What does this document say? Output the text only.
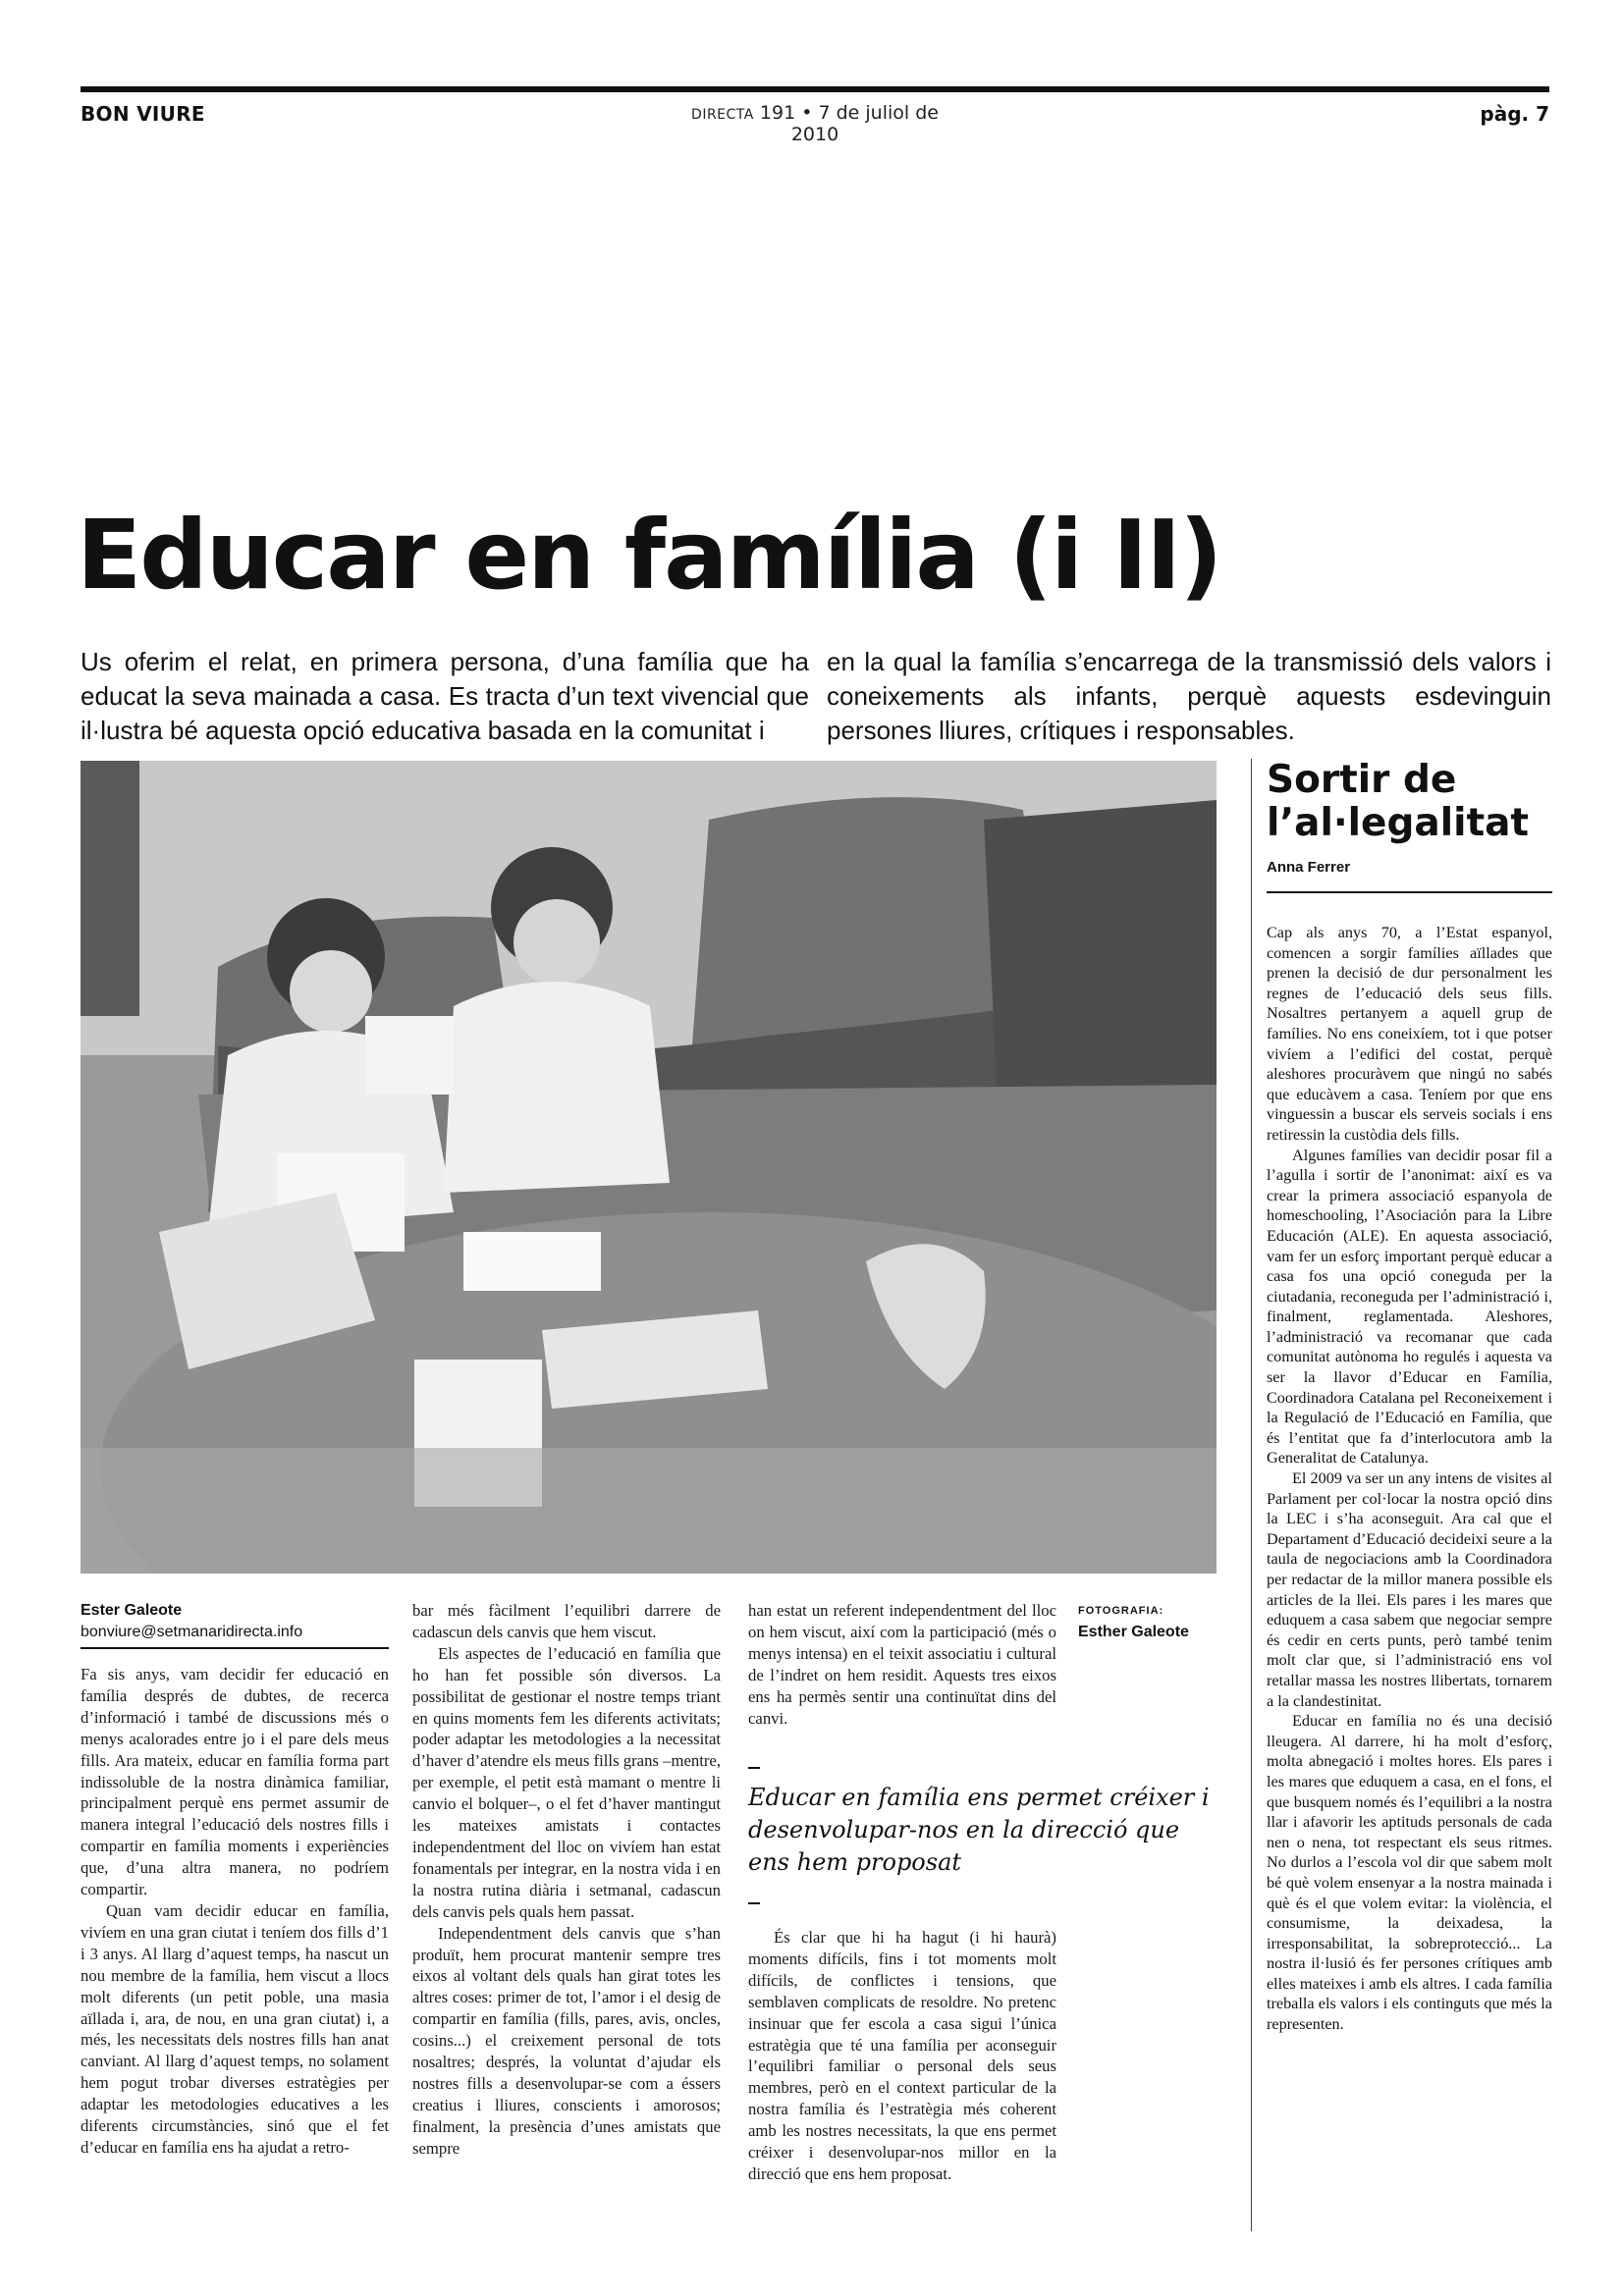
BON VIURE	DIRECTA 191 • 7 de juliol de 2010
pàg. 7
Educar en família (i II)

Us oferim el relat, en primera persona, d’una família que ha educat la seva mainada a casa. Es tracta d’un text vivencial que il·lustra bé aquesta opció educativa basada en la comunitat i

en la qual la família s’encarrega de la transmissió dels valors i coneixements als infants, perquè aquests esdevinguin persones lliures, crítiques i responsables.

Ester Galeote
bonviure@setmanaridirecta.info

Fa sis anys, vam decidir fer educació en família després de dubtes, de recerca d’informació i també de discussions més o menys acalorades entre jo i el pare dels meus fills. Ara mateix, educar en família forma part indissoluble de la nostra dinàmica familiar, principalment perquè ens permet assumir de manera integral l’educació dels nostres fills i compartir en família moments i experiències que, d’una altra manera, no podríem compartir.

Quan vam decidir educar en família, vivíem en una gran ciutat i teníem dos fills d’1 i 3 anys. Al llarg d’aquest temps, ha nascut un nou membre de la família, hem viscut a llocs molt diferents (un petit poble, una masia aïllada i, ara, de nou, en una gran ciutat) i, a més, les necessitats dels nostres fills han anat canviant. Al llarg d’aquest temps, no solament hem pogut trobar diverses estratègies per adaptar les metodologies educatives a les diferents circumstàncies, sinó que el fet d’educar en família ens ha ajudat a retro-

bar més fàcilment l’equilibri darrere de cadascun dels canvis que hem viscut.

Els aspectes de l’educació en família que ho han fet possible són diversos. La possibilitat de gestionar el nostre temps triant en quins moments fem les diferents activitats; poder adaptar les metodologies a la necessitat d’haver d’atendre els meus fills grans –mentre, per exemple, el petit està mamant o mentre li canvio el bolquer–, o el fet d’haver mantingut les mateixes amistats i contactes independentment del lloc on vivíem han estat fonamentals per integrar, en la nostra vida i en la nostra rutina diària i setmanal, cadascun dels canvis pels quals hem passat.

Independentment dels canvis que s’han produït, hem procurat mantenir sempre tres eixos al voltant dels quals han girat totes les altres coses: primer de tot, l’amor i el desig de compartir en família (fills, pares, avis, oncles, cosins...) el creixement personal de tots nosaltres; després, la voluntat d’ajudar els nostres fills a desenvolupar-se com a éssers creatius i lliures, conscients i amorosos; finalment, la presència d’unes amistats que sempre

han estat un referent independentment del lloc on hem viscut, així com la participació (més o menys intensa) en el teixit associatiu i cultural de l’indret on hem residit. Aquests tres eixos ens ha permès sentir una continuïtat dins del canvi.

FOTOGRAFIA:
Esther Galeote

Educar en família ens permet créixer i desenvolupar-nos en la direcció que ens hem proposat

És clar que hi ha hagut (i hi haurà) moments difícils, fins i tot moments molt difícils, de conflictes i tensions, que semblaven complicats de resoldre. No pretenc insinuar que fer escola a casa sigui l’única estratègia que té una família per aconseguir l’equilibri familiar o personal dels seus membres, però en el context particular de la nostra família és l’estratègia més coherent amb les nostres necessitats, la que ens permet créixer i desenvolupar-nos millor en la direcció que ens hem proposat.

Sortir de
l’al·legalitat
Anna Ferrer

Cap als anys 70, a l’Estat espanyol, comencen a sorgir famílies aïllades que prenen la decisió de dur personalment les regnes de l’educació dels seus fills. Nosaltres pertanyem a aquell grup de famílies. No ens coneixíem, tot i que potser vivíem a l’edifici del costat, perquè aleshores procuràvem que ningú no sabés que educàvem a casa. Teníem por que ens vinguessin a buscar els serveis socials i ens retiressin la custòdia dels fills.

Algunes famílies van decidir posar fil a l’agulla i sortir de l’anonimat: així es va crear la primera associació espanyola de homeschooling, l’Asociación para la Libre Educación (ALE). En aquesta associació, vam fer un esforç important perquè educar a casa fos una opció coneguda per la ciutadania, reconeguda per l’administració i, finalment, reglamentada. Aleshores, l’administració va recomanar que cada comunitat autònoma ho regulés i aquesta va ser la llavor d’Educar en Família, Coordinadora Catalana pel Reconeixement i la Regulació de l’Educació en Família, que és l’entitat que fa d’interlocutora amb la Generalitat de Catalunya.

El 2009 va ser un any intens de visites al Parlament per col·locar la nostra opció dins la LEC i s’ha aconseguit. Ara cal que el Departament d’Educació decideixi seure a la taula de negociacions amb la Coordinadora per redactar de la millor manera possible els articles de la llei. Els pares i les mares que eduquem a casa sabem que negociar sempre és cedir en certs punts, però també tenim molt clar que, si l’administració ens vol retallar massa les nostres llibertats, tornarem a la clandestinitat.

Educar en família no és una decisió lleugera. Al darrere, hi ha molt d’esforç, molta abnegació i moltes hores. Els pares i les mares que eduquem a casa, en el fons, el que busquem només és l’equilibri a la nostra llar i afavorir les aptituds personals de cada nen o nena, tot respectant els seus ritmes. No durlos a l’escola vol dir que sabem molt bé què volem ensenyar a la nostra mainada i què és el que volem evitar: la violència, el consumisme, la deixadesa, la irresponsabilitat, la sobreprotecció... La nostra il·lusió és fer persones crítiques amb elles mateixes i amb els altres. I cada família treballa els valors i els continguts que més la representen.
